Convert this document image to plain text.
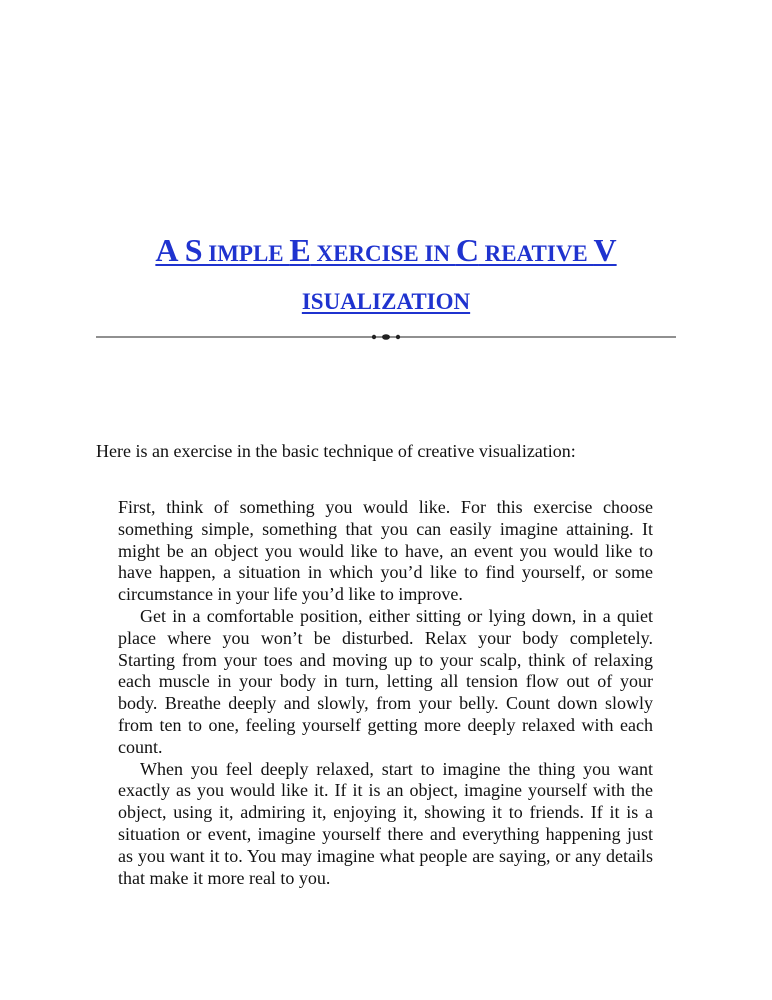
A S IMPLE E XERCISE IN C REATIVE V
ISUALIZATION

Here is an exercise in the basic technique of creative visualization:

First, think of something you would like. For this exercise choose something simple, something that you can easily imagine attaining. It might be an object you would like to have, an event you would like to have happen, a situation in which you’d like to find yourself, or some circumstance in your life you’d like to improve.

Get in a comfortable position, either sitting or lying down, in a quiet place where you won’t be disturbed. Relax your body completely. Starting from your toes and moving up to your scalp, think of relaxing each muscle in your body in turn, letting all tension flow out of your body. Breathe deeply and slowly, from your belly. Count down slowly from ten to one, feeling yourself getting more deeply relaxed with each count.

When you feel deeply relaxed, start to imagine the thing you want exactly as you would like it. If it is an object, imagine yourself with the object, using it, admiring it, enjoying it, showing it to friends. If it is a situation or event, imagine yourself there and everything happening just as you want it to. You may imagine what people are saying, or any details that make it more real to you.
